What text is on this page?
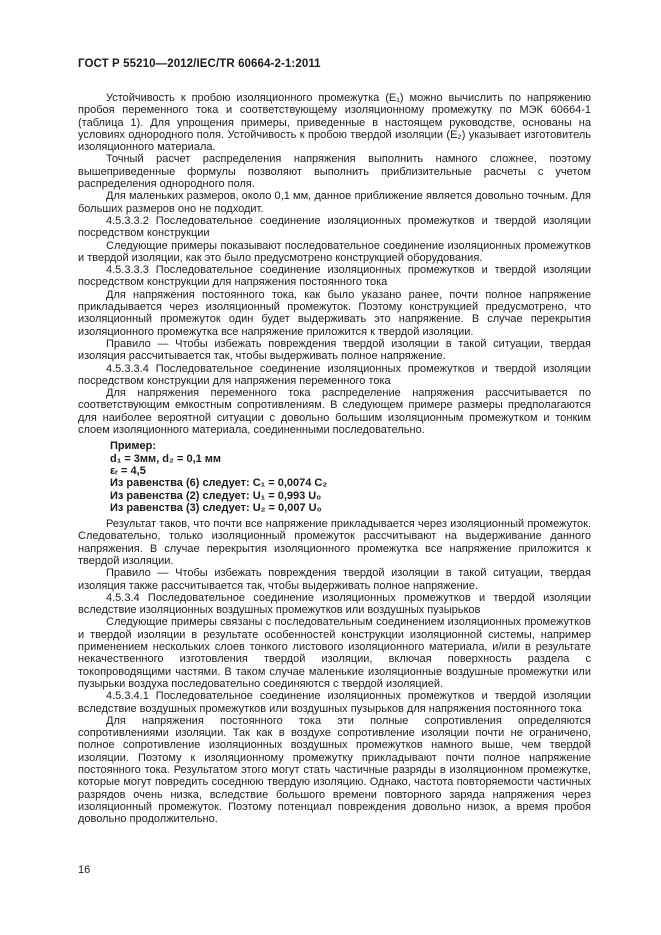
ГОСТ Р 55210—2012/IEC/TR 60664-2-1:2011

Устойчивость к пробою изоляционного промежутка (E₁) можно вычислить по напряжению пробоя переменного тока и соответствующему изоляционному промежутку по МЭК 60664-1 (таблица 1). Для упрощения примеры, приведенные в настоящем руководстве, основаны на условиях однородного поля. Устойчивость к пробою твердой изоляции (E₂) указывает изготовитель изоляционного материала.

Точный расчет распределения напряжения выполнить намного сложнее, поэтому вышеприведенные формулы позволяют выполнить приблизительные расчеты с учетом распределения однородного поля.

Для маленьких размеров, около 0,1 мм, данное приближение является довольно точным. Для больших размеров оно не подходит.

4.5.3.3.2 Последовательное соединение изоляционных промежутков и твердой изоляции посредством конструкции

Следующие примеры показывают последовательное соединение изоляционных промежутков и твердой изоляции, как это было предусмотрено конструкцией оборудования.

4.5.3.3.3 Последовательное соединение изоляционных промежутков и твердой изоляции посредством конструкции для напряжения постоянного тока

Для напряжения постоянного тока, как было указано ранее, почти полное напряжение прикладывается через изоляционный промежуток. Поэтому конструкцией предусмотрено, что изоляционный промежуток один будет выдерживать это напряжение. В случае перекрытия изоляционного промежутка все напряжение приложится к твердой изоляции.

Правило — Чтобы избежать повреждения твердой изоляции в такой ситуации, твердая изоляция рассчитывается так, чтобы выдерживать полное напряжение.

4.5.3.3.4 Последовательное соединение изоляционных промежутков и твердой изоляции посредством конструкции для напряжения переменного тока

Для напряжения переменного тока распределение напряжения рассчитывается по соответствующим емкостным сопротивлениям. В следующем примере размеры предполагаются для наиболее вероятной ситуации с довольно большим изоляционным промежутком и тонким слоем изоляционного материала, соединенными последовательно.

Пример:
d₁ = 3мм, d₂ = 0,1 мм
εᵣ = 4,5
Из равенства (6) следует: C₁ = 0,0074 C₂
Из равенства (2) следует: U₁ = 0,993 U₀
Из равенства (3) следует: U₂ = 0,007 U₀

Результат таков, что почти все напряжение прикладывается через изоляционный промежуток. Следовательно, только изоляционный промежуток рассчитывают на выдерживание данного напряжения. В случае перекрытия изоляционного промежутка все напряжение приложится к твердой изоляции.

Правило — Чтобы избежать повреждения твердой изоляции в такой ситуации, твердая изоляция также рассчитывается так, чтобы выдерживать полное напряжение.

4.5.3.4 Последовательное соединение изоляционных промежутков и твердой изоляции вследствие изоляционных воздушных промежутков или воздушных пузырьков

Следующие примеры связаны с последовательным соединением изоляционных промежутков и твердой изоляции в результате особенностей конструкции изоляционной системы, например применением нескольких слоев тонкого листового изоляционного материала, и/или в результате некачественного изготовления твердой изоляции, включая поверхность раздела с токопроводящими частями. В таком случае маленькие изоляционные воздушные промежутки или пузырьки воздуха последовательно соединяются с твердой изоляцией.

4.5.3.4.1 Последовательное соединение изоляционных промежутков и твердой изоляции вследствие воздушных промежутков или воздушных пузырьков для напряжения постоянного тока

Для напряжения постоянного тока эти полные сопротивления определяются сопротивлениями изоляции. Так как в воздухе сопротивление изоляции почти не ограничено, полное сопротивление изоляционных воздушных промежутков намного выше, чем твердой изоляции. Поэтому к изоляционному промежутку прикладывают почти полное напряжение постоянного тока. Результатом этого могут стать частичные разряды в изоляционном промежутке, которые могут повредить соседнюю твердую изоляцию. Однако, частота повторяемости частичных разрядов очень низка, вследствие большого времени повторного заряда напряжения через изоляционный промежуток. Поэтому потенциал повреждения довольно низок, а время пробоя довольно продолжительно.

16
